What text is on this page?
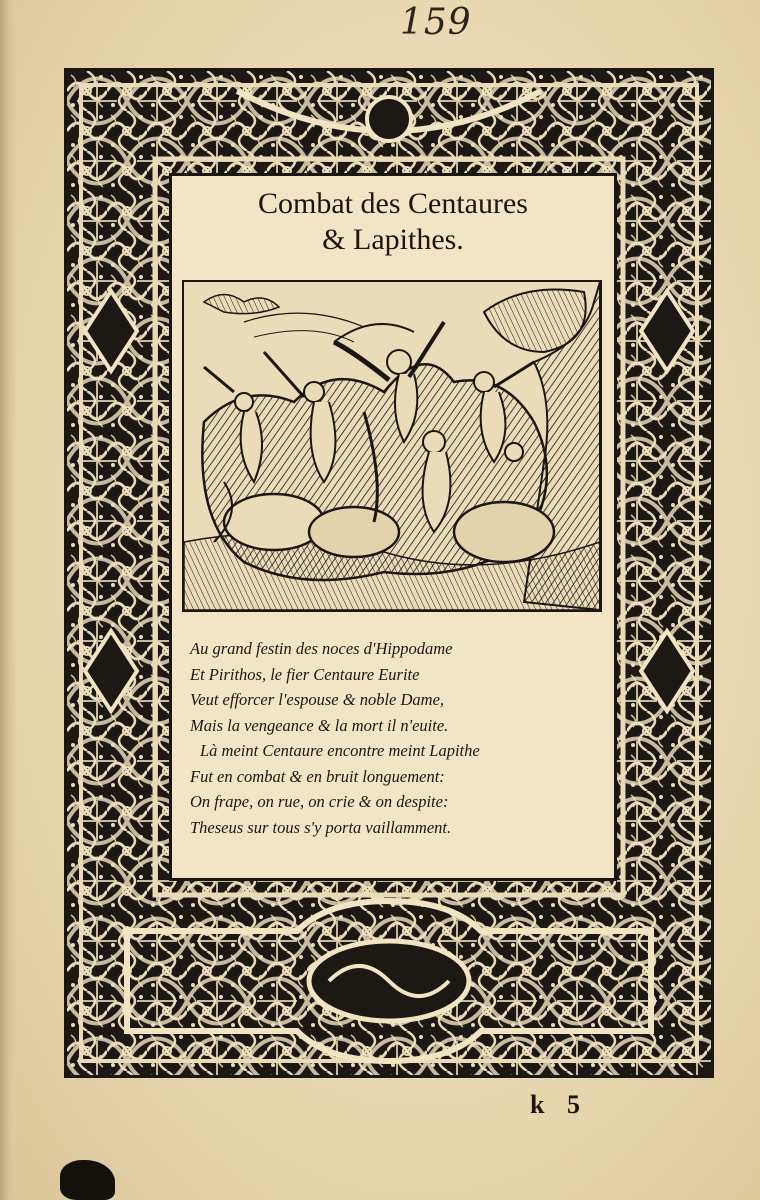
159
Combat des Centaures
& Lapithes.
Au grand festin des noces d'Hippodame
Et Pirithos, le fier Centaure Eurite
Veut efforcer l'espouse & noble Dame,
Mais la vengeance & la mort il n'euite.
Là meint Centaure encontre meint Lapithe
Fut en combat & en bruit longuement:
On frape, on rue, on crie & on despite:
Theseus sur tous s'y porta vaillamment.
k 5
